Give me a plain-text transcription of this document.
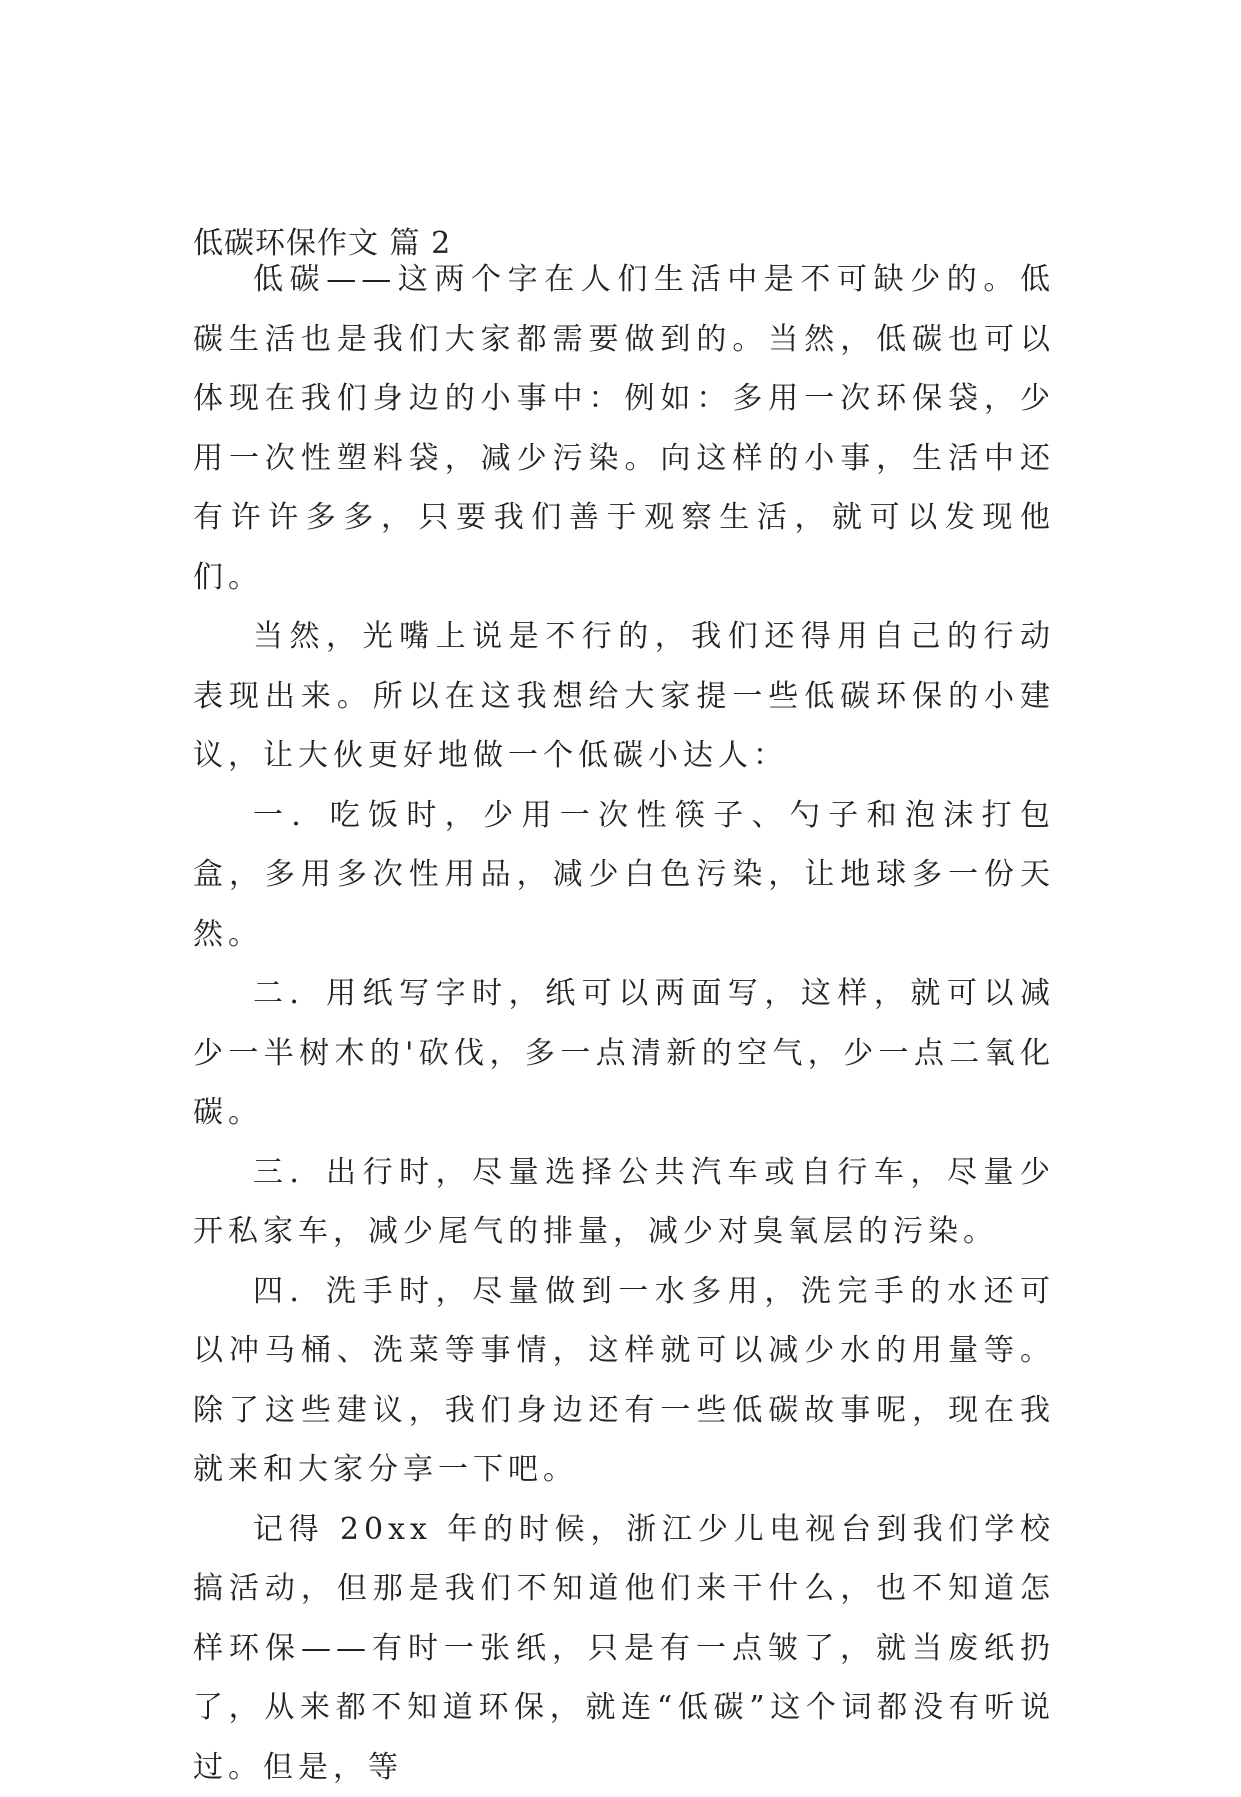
低碳环保作文 篇 2

低碳——这两个字在人们生活中是不可缺少的。低碳生活也是我们大家都需要做到的。当然，低碳也可以体现在我们身边的小事中：例如：多用一次环保袋，少用一次性塑料袋，减少污染。向这样的小事，生活中还有许许多多，只要我们善于观察生活，就可以发现他们。

当然，光嘴上说是不行的，我们还得用自己的行动表现出来。所以在这我想给大家提一些低碳环保的小建议，让大伙更好地做一个低碳小达人：

一．吃饭时，少用一次性筷子、勺子和泡沫打包盒，多用多次性用品，减少白色污染，让地球多一份天然。

二．用纸写字时，纸可以两面写，这样，就可以减少一半树木的'砍伐，多一点清新的空气，少一点二氧化碳。

三．出行时，尽量选择公共汽车或自行车，尽量少开私家车，减少尾气的排量，减少对臭氧层的污染。

四．洗手时，尽量做到一水多用，洗完手的水还可以冲马桶、洗菜等事情，这样就可以减少水的用量等。除了这些建议，我们身边还有一些低碳故事呢，现在我就来和大家分享一下吧。

记得 20xx 年的时候，浙江少儿电视台到我们学校搞活动，但那是我们不知道他们来干什么，也不知道怎样环保——有时一张纸，只是有一点皱了，就当废纸扔了，从来都不知道环保，就连“低碳”这个词都没有听说过。但是，等
